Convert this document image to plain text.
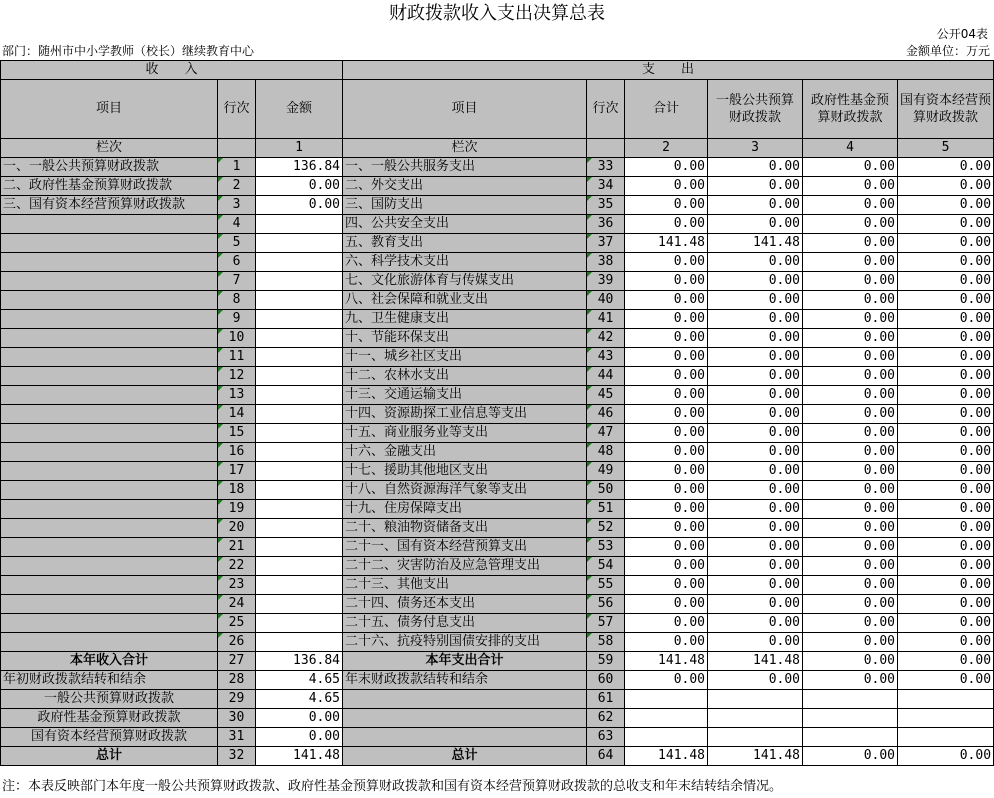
财政拨款收入支出决算总表
公开04表
部门：随州市中小学教师（校长）继续教育中心	金额单位：万元
收　　入			支　　出					
项目	行次	金额	项目	行次	合计	一般公共预算财政拨款	政府性基金预算财政拨款	国有资本经营预算财政拨款
栏次		1	栏次		2	3	4	5
一、一般公共预算财政拨款	1	136.84	一、一般公共服务支出	33	0.00	0.00	0.00	0.00
二、政府性基金预算财政拨款	2	0.00	二、外交支出	34	0.00	0.00	0.00	0.00
三、国有资本经营预算财政拨款	3	0.00	三、国防支出	35	0.00	0.00	0.00	0.00
	4		四、公共安全支出	36	0.00	0.00	0.00	0.00
	5		五、教育支出	37	141.48	141.48	0.00	0.00
	6		六、科学技术支出	38	0.00	0.00	0.00	0.00
	7		七、文化旅游体育与传媒支出	39	0.00	0.00	0.00	0.00
	8		八、社会保障和就业支出	40	0.00	0.00	0.00	0.00
	9		九、卫生健康支出	41	0.00	0.00	0.00	0.00
	10		十、节能环保支出	42	0.00	0.00	0.00	0.00
	11		十一、城乡社区支出	43	0.00	0.00	0.00	0.00
	12		十二、农林水支出	44	0.00	0.00	0.00	0.00
	13		十三、交通运输支出	45	0.00	0.00	0.00	0.00
	14		十四、资源勘探工业信息等支出	46	0.00	0.00	0.00	0.00
	15		十五、商业服务业等支出	47	0.00	0.00	0.00	0.00
	16		十六、金融支出	48	0.00	0.00	0.00	0.00
	17		十七、援助其他地区支出	49	0.00	0.00	0.00	0.00
	18		十八、自然资源海洋气象等支出	50	0.00	0.00	0.00	0.00
	19		十九、住房保障支出	51	0.00	0.00	0.00	0.00
	20		二十、粮油物资储备支出	52	0.00	0.00	0.00	0.00
	21		二十一、国有资本经营预算支出	53	0.00	0.00	0.00	0.00
	22		二十二、灾害防治及应急管理支出	54	0.00	0.00	0.00	0.00
	23		二十三、其他支出	55	0.00	0.00	0.00	0.00
	24		二十四、债务还本支出	56	0.00	0.00	0.00	0.00
	25		二十五、债务付息支出	57	0.00	0.00	0.00	0.00
	26		二十六、抗疫特别国债安排的支出	58	0.00	0.00	0.00	0.00
本年收入合计	27	136.84	本年支出合计	59	141.48	141.48	0.00	0.00
年初财政拨款结转和结余	28	4.65	年末财政拨款结转和结余	60	0.00	0.00	0.00	0.00
一般公共预算财政拨款	29	4.65		61				
政府性基金预算财政拨款	30	0.00		62				
国有资本经营预算财政拨款	31	0.00		63				
总计	32	141.48	总计	64	141.48	141.48	0.00	0.00
注：本表反映部门本年度一般公共预算财政拨款、政府性基金预算财政拨款和国有资本经营预算财政拨款的总收支和年末结转结余情况。
